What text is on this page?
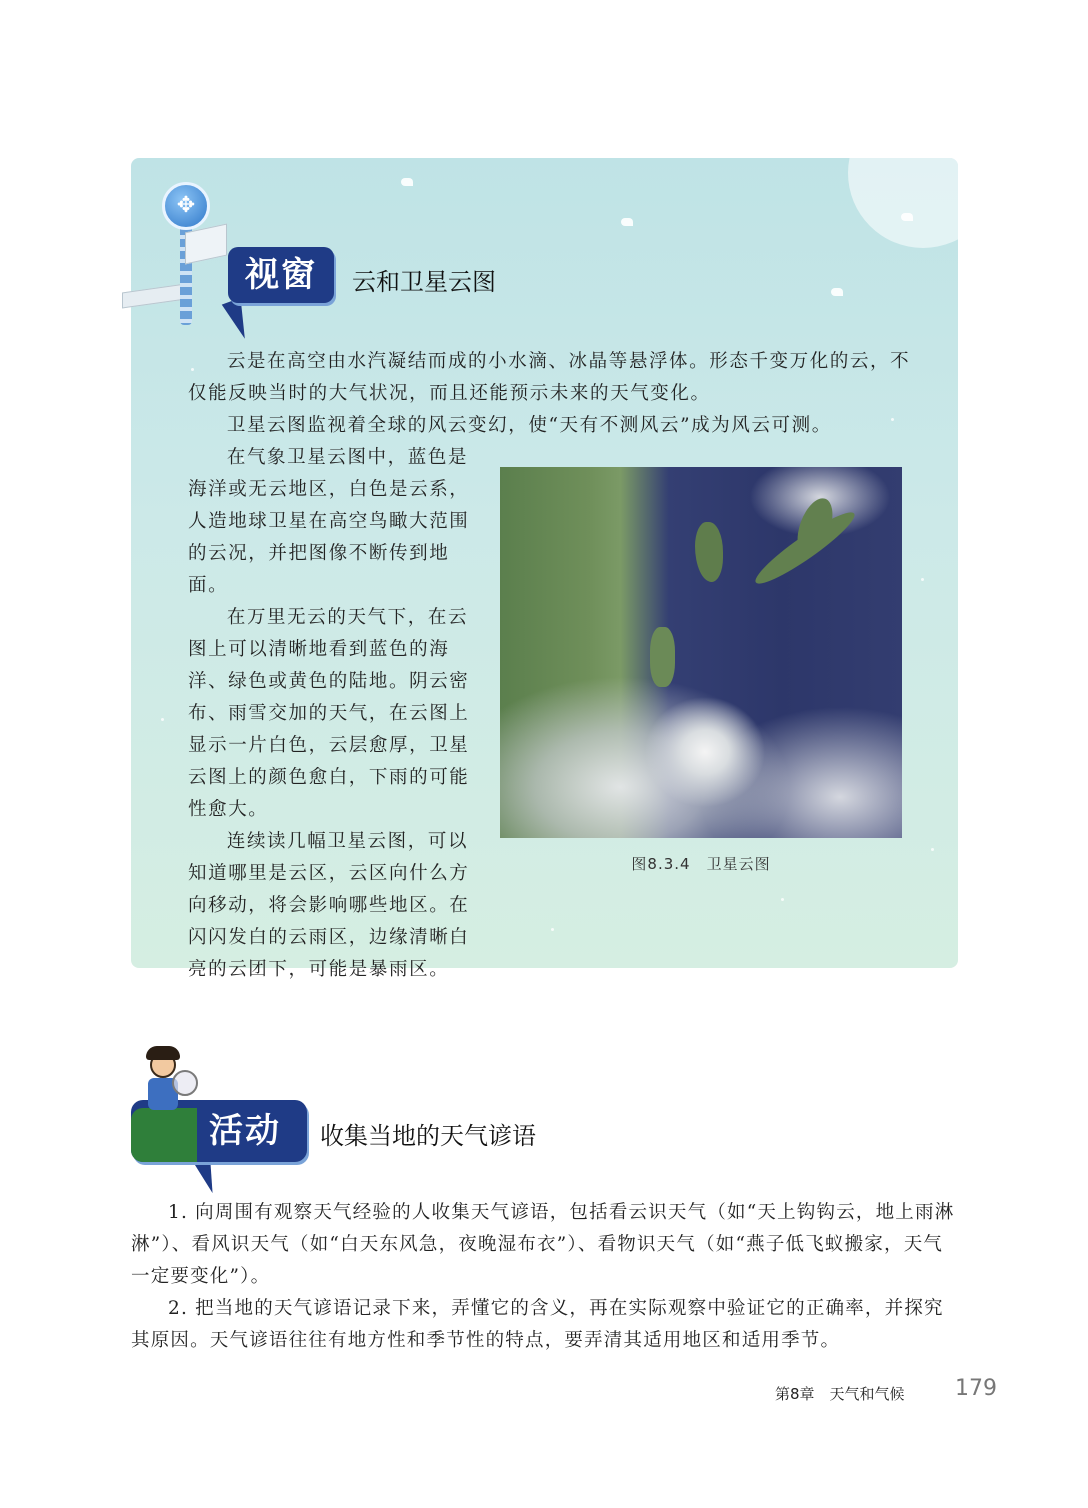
✥
视窗	云和卫星云图

云是在高空由水汽凝结而成的小水滴、冰晶等悬浮体。形态千变万化的云，不仅能反映当时的大气状况，而且还能预示未来的天气变化。

卫星云图监视着全球的风云变幻，使“天有不测风云”成为风云可测。

在气象卫星云图中，蓝色是海洋或无云地区，白色是云系，人造地球卫星在高空鸟瞰大范围的云况，并把图像不断传到地面。

在万里无云的天气下，在云图上可以清晰地看到蓝色的海洋、绿色或黄色的陆地。阴云密布、雨雪交加的天气，在云图上显示一片白色，云层愈厚，卫星云图上的颜色愈白，下雨的可能性愈大。

连续读几幅卫星云图，可以知道哪里是云区，云区向什么方向移动，将会影响哪些地区。在闪闪发白的云雨区，边缘清晰白亮的云团下，可能是暴雨区。

图8.3.4　卫星云图
活动 收集当地的天气谚语

1. 向周围有观察天气经验的人收集天气谚语，包括看云识天气（如“天上钩钩云，地上雨淋淋”）、看风识天气（如“白天东风急，夜晚湿布衣”）、看物识天气（如“燕子低飞蚁搬家，天气一定要变化”）。

2. 把当地的天气谚语记录下来，弄懂它的含义，再在实际观察中验证它的正确率，并探究其原因。天气谚语往往有地方性和季节性的特点，要弄清其适用地区和适用季节。

第8章　天气和气候 179
